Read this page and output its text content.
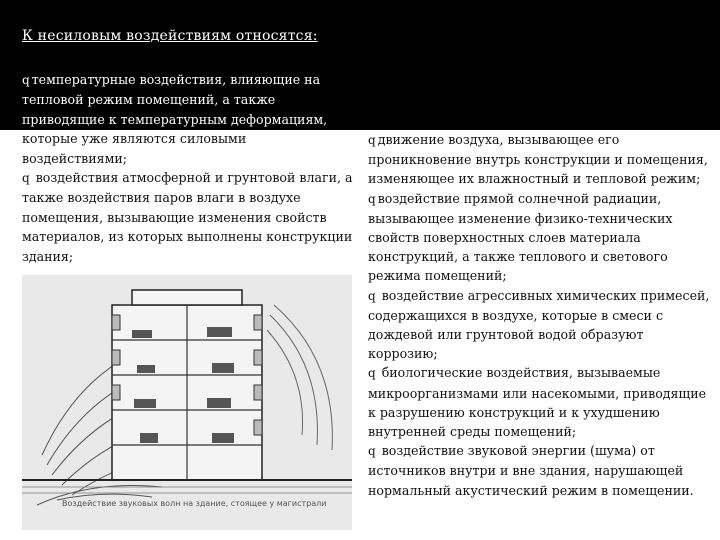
К несиловым воздействиям относятся:

q температурные воздействия, влияющие на
тепловой режим помещений, а также
приводящие к температурным деформациям,
которые уже являются силовыми
воздействиями;

q воздействия атмосферной и грунтовой влаги, а также воздействия паров влаги в воздухе помещения, вызывающие изменения свойств материалов, из которых выполнены конструкции здания;

q движение воздуха, вызывающее его проникновение внутрь конструкции и помещения, изменяющее их влажностный и тепловой режим;

q воздействие прямой солнечной радиации, вызывающее изменение физико-технических свойств поверхностных слоев материала конструкций, а также теплового и светового режима помещений;

q воздействие агрессивных химических примесей, содержащихся в воздухе, которые в смеси с дождевой или грунтовой водой образуют коррозию;

q биологические воздействия, вызываемые микроорганизмами или насекомыми, приводящие к разрушению конструкций и к ухудшению внутренней среды помещений;

q воздействие звуковой энергии (шума) от источников внутри и вне здания, нарушающей нормальный акустический режим в помещении.

Воздействие звуковых волн на здание, стоящее у магистрали
